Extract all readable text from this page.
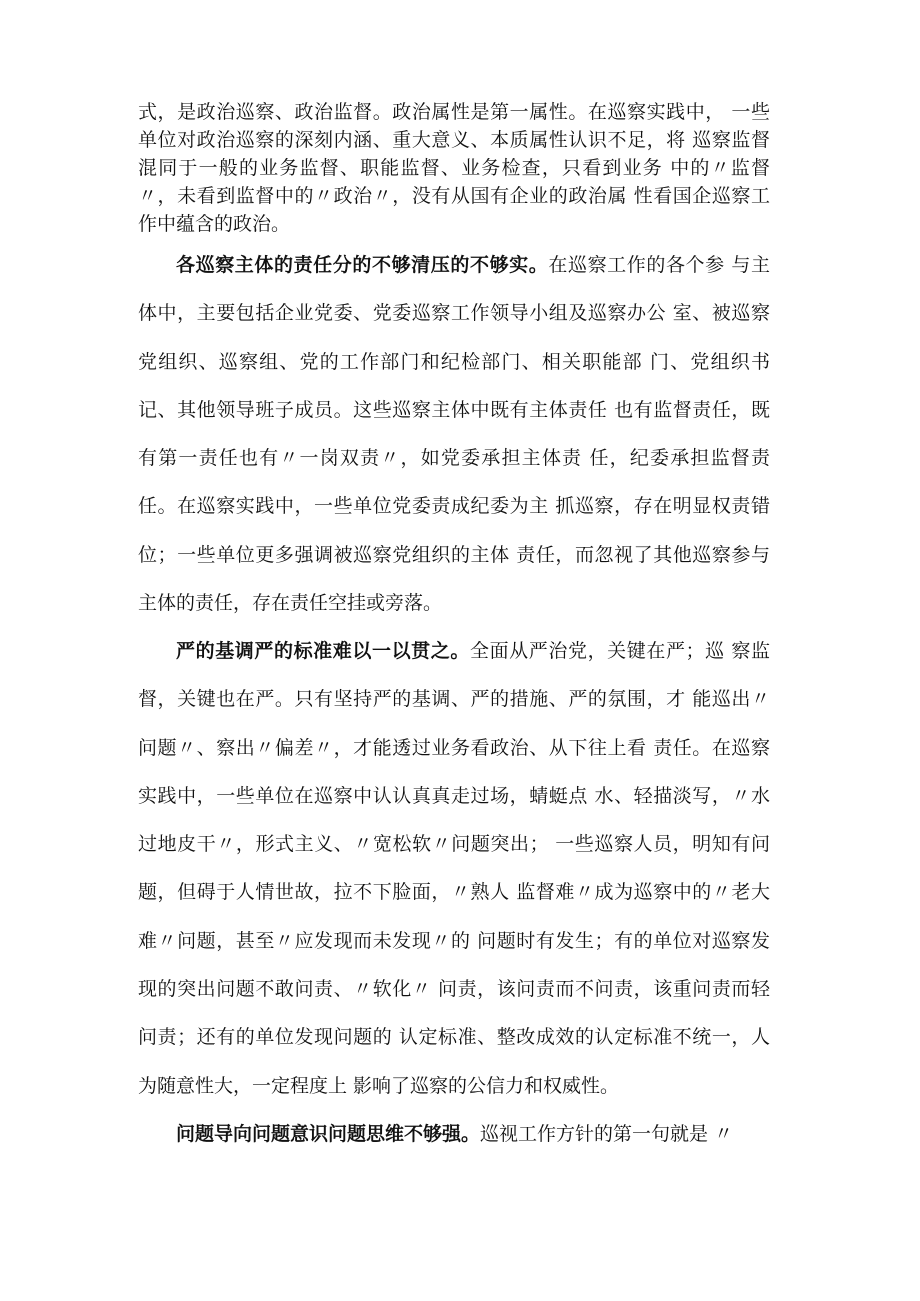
式，是政治巡察、政治监督。政治属性是第一属性。在巡察实践中， 一些单位对政治巡察的深刻内涵、重大意义、本质属性认识不足，将 巡察监督混同于一般的业务监督、职能监督、业务检查，只看到业务 中的〃监督〃，未看到监督中的〃政治〃，没有从国有企业的政治属 性看国企巡察工作中蕴含的政治。

各巡察主体的责任分的不够清压的不够实。在巡察工作的各个参 与主体中，主要包括企业党委、党委巡察工作领导小组及巡察办公 室、被巡察党组织、巡察组、党的工作部门和纪检部门、相关职能部 门、党组织书记、其他领导班子成员。这些巡察主体中既有主体责任 也有监督责任，既有第一责任也有〃一岗双责〃，如党委承担主体责 任，纪委承担监督责任。在巡察实践中，一些单位党委责成纪委为主 抓巡察，存在明显权责错位；一些单位更多强调被巡察党组织的主体 责任，而忽视了其他巡察参与主体的责任，存在责任空挂或旁落。

严的基调严的标准难以一以贯之。全面从严治党，关键在严；巡 察监督，关键也在严。只有坚持严的基调、严的措施、严的氛围，才 能巡出〃问题〃、察出〃偏差〃，才能透过业务看政治、从下往上看 责任。在巡察实践中，一些单位在巡察中认认真真走过场，蜻蜓点 水、轻描淡写，〃水过地皮干〃，形式主义、〃宽松软〃问题突出； 一些巡察人员，明知有问题，但碍于人情世故，拉不下脸面，〃熟人 监督难〃成为巡察中的〃老大难〃问题，甚至〃应发现而未发现〃的 问题时有发生；有的单位对巡察发现的突出问题不敢问责、〃软化〃 问责，该问责而不问责，该重问责而轻问责；还有的单位发现问题的 认定标准、整改成效的认定标准不统一，人为随意性大，一定程度上 影响了巡察的公信力和权威性。

问题导向问题意识问题思维不够强。巡视工作方针的第一句就是 〃
